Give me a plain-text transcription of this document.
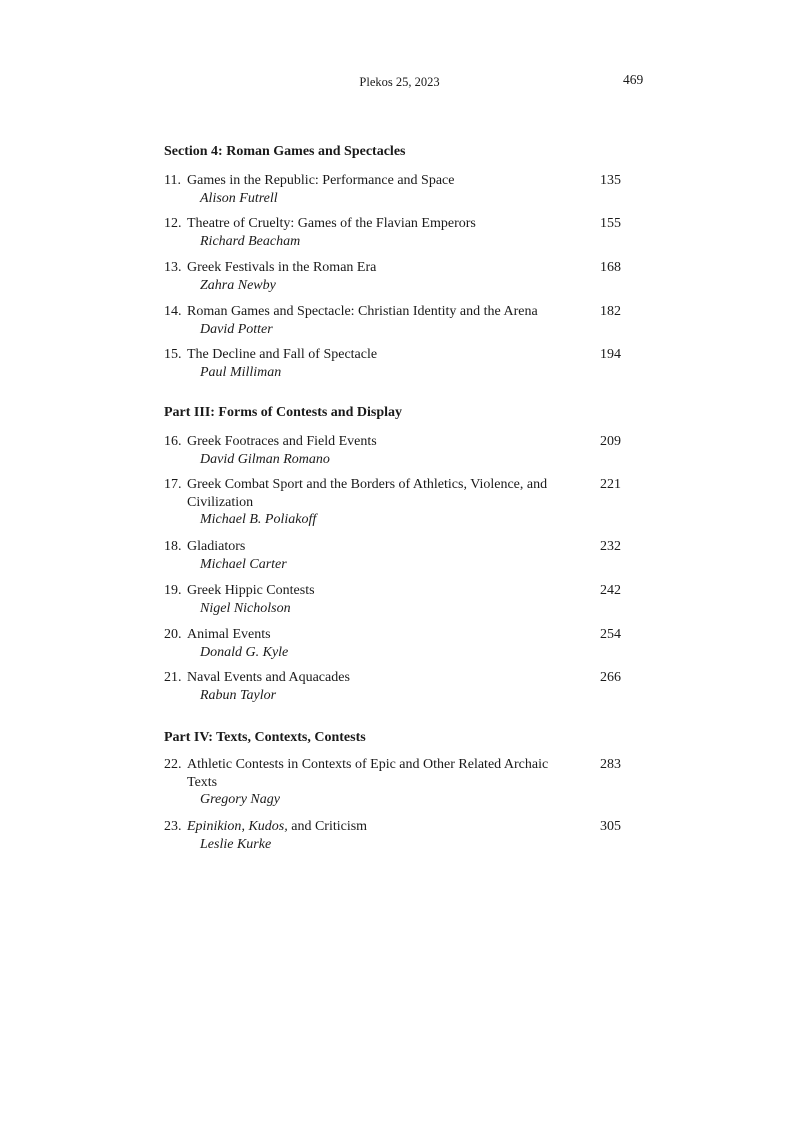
Plekos 25, 2023	469
Section 4: Roman Games and Spectacles
11. Games in the Republic: Performance and Space
Alison Futrell
135
12. Theatre of Cruelty: Games of the Flavian Emperors
Richard Beacham
155
13. Greek Festivals in the Roman Era
Zahra Newby
168
14. Roman Games and Spectacle: Christian Identity and the Arena
David Potter
182
15. The Decline and Fall of Spectacle
Paul Milliman
194
Part III: Forms of Contests and Display
16. Greek Footraces and Field Events
David Gilman Romano
209
17. Greek Combat Sport and the Borders of Athletics, Violence, and Civilization
Michael B. Poliakoff
221
18. Gladiators
Michael Carter
232
19. Greek Hippic Contests
Nigel Nicholson
242
20. Animal Events
Donald G. Kyle
254
21. Naval Events and Aquacades
Rabun Taylor
266
Part IV: Texts, Contexts, Contests
22. Athletic Contests in Contexts of Epic and Other Related Archaic Texts
Gregory Nagy
283
23. Epinikion, Kudos, and Criticism
Leslie Kurke
305
